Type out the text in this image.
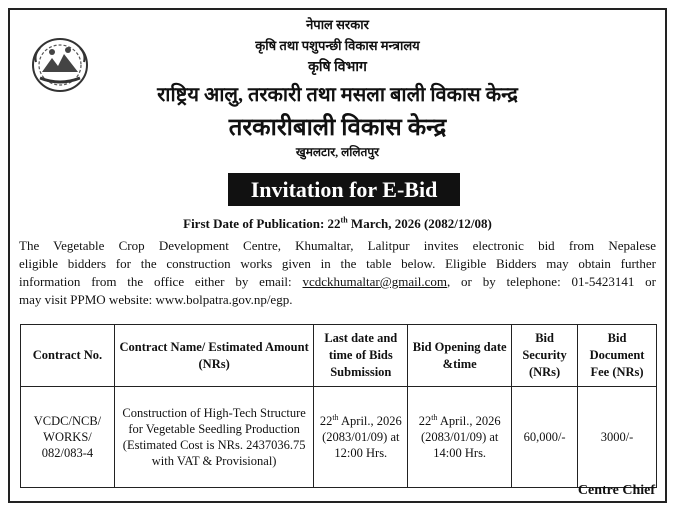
नेपाल सरकार
कृषि तथा पशुपन्छी विकास मन्त्रालय
कृषि विभाग
राष्ट्रिय आलु, तरकारी तथा मसला बाली विकास केन्द्र
तरकारीबाली विकास केन्द्र
खुमलटार, ललितपुर
Invitation for E-Bid
First Date of Publication: 22th March, 2026 (2082/12/08)
The Vegetable Crop Development Centre, Khumaltar, Lalitpur invites electronic bid from Nepalese
eligible bidders for the construction works given in the table below. Eligible Bidders may obtain further
information from the office either by email: vcdckhumaltar@gmail.com, or by telephone: 01-5423141 or
may visit PPMO website: www.bolpatra.gov.np/egp.
Contract No.	Contract Name/ Estimated Amount (NRs)	Last date and time of Bids Submission	Bid Opening date &time	Bid Security (NRs)	Bid Document Fee (NRs)
VCDC/NCB/ WORKS/ 082/083-4	Construction of High-Tech Structure for Vegetable Seedling Production (Estimated Cost is NRs. 2437036.75 with VAT & Provisional)	22th April., 2026 (2083/01/09) at 12:00 Hrs.	22th April., 2026 (2083/01/09) at 14:00 Hrs.	60,000/-	3000/-
Centre Chief
